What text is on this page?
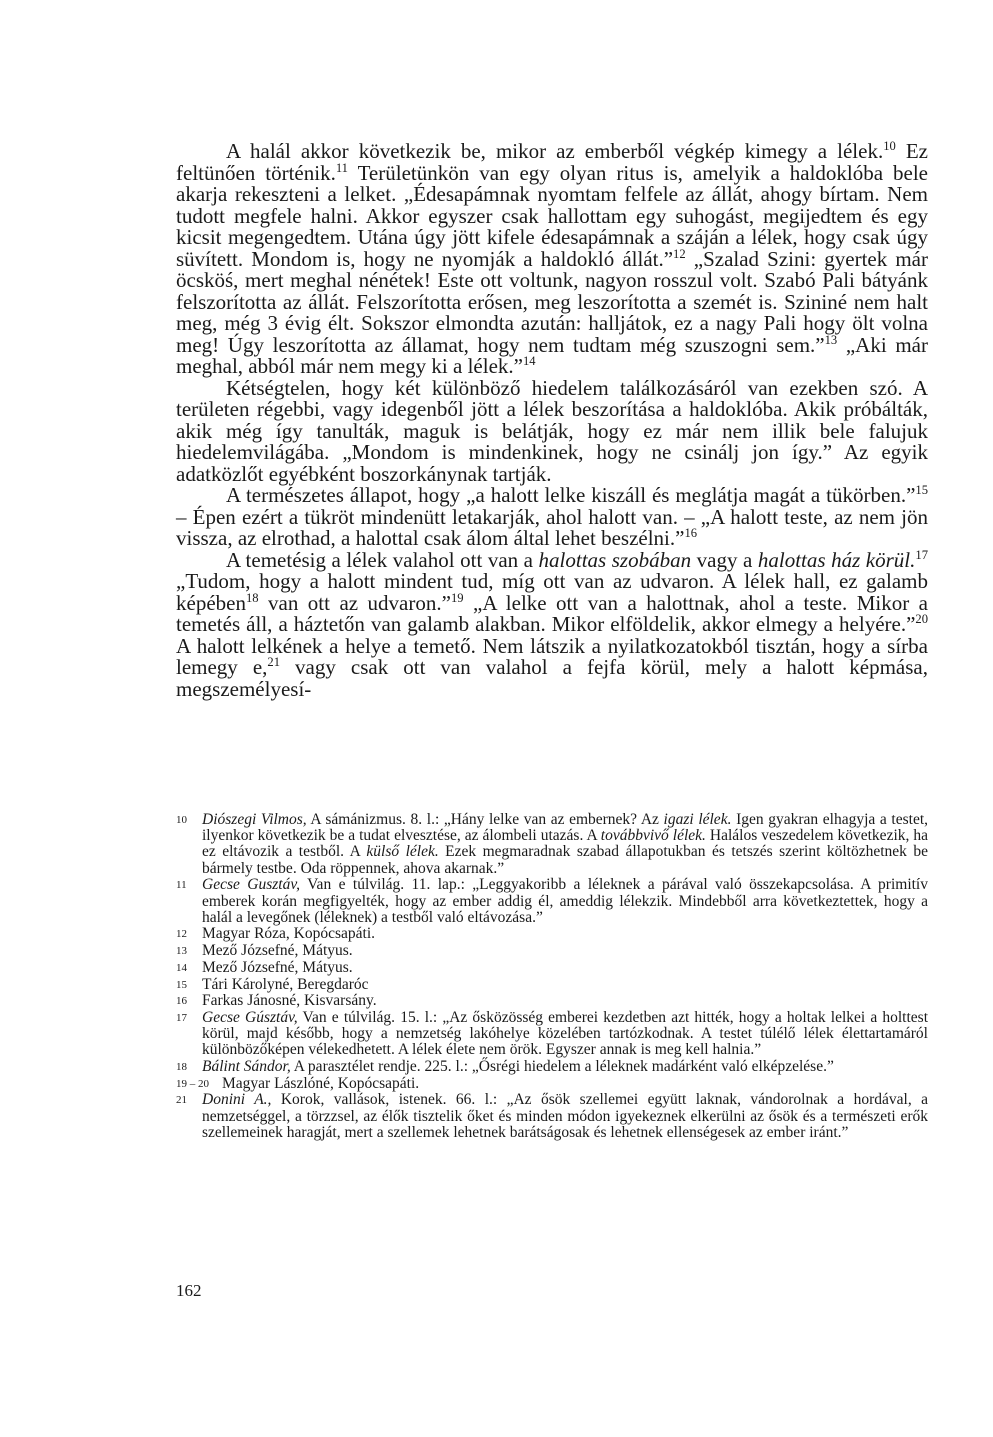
A halál akkor következik be, mikor az emberből végkép kimegy a lélek.$^{10}$ Ez feltünően történik.$^{11}$ Területünkön van egy olyan ritus is, amelyik a haldoklóba bele akarja rekeszteni a lelket. „Édesapámnak nyomtam felfele az állát, ahogy bírtam. Nem tudott megfele halni. Akkor egyszer csak hallottam egy suhogást, megijedtem és egy kicsit megengedtem. Utána úgy jött kifele édesapámnak a száján a lélek, hogy csak úgy süvített. Mondom is, hogy ne nyomják a haldokló állát.”$^{12}$ „Szalad Szini: gyertek már öcsköś, mert meghal nénétek! Este ott voltunk, nagyon rosszul volt. Szabó Pali bátyánk felszorította az állát. Felszorította erősen, meg leszorította a szemét is. Szininé nem halt meg, még 3 évig élt. Sokszor elmondta azután: halljátok, ez a nagy Pali hogy ölt volna meg! Úgy leszorította az államat, hogy nem tudtam még szuszogni sem.”$^{13}$ „Aki már meghal, abból már nem megy ki a lélek.”$^{14}$

Kétségtelen, hogy két különböző hiedelem találkozásáról van ezekben szó. A területen régebbi, vagy idegenből jött a lélek beszorítása a haldoklóba. Akik próbálták, akik még így tanulták, maguk is belátják, hogy ez már nem illik bele falujuk hiedelemvilágába. „Mondom is mindenkinek, hogy ne csinálj jon így.” Az egyik adatközlőt egyébként boszorkánynak tartják.

A természetes állapot, hogy „a halott lelke kiszáll és meglátja magát a tükörben.”$^{15}$ – Épen ezért a tükröt mindenütt letakarják, ahol halott van. – „A halott teste, az nem jön vissza, az elrothad, a halottal csak álom által lehet beszélni.”$^{16}$

A temetésig a lélek valahol ott van a halottas szobában vagy a halottas ház körül.$^{17}$ „Tudom, hogy a halott mindent tud, míg ott van az udvaron. A lélek hall, ez galamb képében$^{18}$ van ott az udvaron.”$^{19}$ „A lelke ott van a halottnak, ahol a teste. Mikor a temetés áll, a háztetőn van galamb alakban. Mikor elföldelik, akkor elmegy a helyére.”$^{20}$ A halott lelkének a helye a temető. Nem látszik a nyilatkozatokból tisztán, hogy a sírba lemegy e,$^{21}$ vagy csak ott van valahol a fejfa körül, mely a halott képmása, megszemélyesí-

10 Diószegi Vilmos, A sámánizmus. 8. l.: „Hány lelke van az embernek? Az igazi lélek. Igen gyakran elhagyja a testet, ilyenkor következik be a tudat elvesztése, az álombeli utazás. A továbbvivő lélek. Halálos veszedelem következik, ha ez eltávozik a testből. A külső lélek. Ezek megmaradnak szabad állapotukban és tetszés szerint költözhetnek be bármely testbe. Oda röppennek, ahova akarnak.”
11 Gecse Gusztáv, Van e túlvilág. 11. lap.: „Leggyakoribb a léleknek a párával való összekapcsolása. A primitív emberek korán megfigyelték, hogy az ember addig él, ameddig lélekzik. Mindebből arra következtettek, hogy a halál a levegőnek (léleknek) a testből való eltávozása.”
12 Magyar Róza, Kopócsapáti.
13 Mező Józsefné, Mátyus.
14 Mező Józsefné, Mátyus.
15 Tári Károlyné, Beregdaróc
16 Farkas Jánosné, Kisvarsány.
17 Gecse Gúsztáv, Van e túlvilág. 15. l.: „Az ősközösség emberei kezdetben azt hitték, hogy a holtak lelkei a holttest körül, majd később, hogy a nemzetség lakóhelye közelében tartózkodnak. A testet túlélő lélek élettartamáról különbözőképen vélekedhetett. A lélek élete nem örök. Egyszer annak is meg kell halnia.”
18 Bálint Sándor, A parasztélet rendje. 225. l.: „Ősrégi hiedelem a léleknek madárként való elképzelése.”
19 – 20 Magyar Lászlóné, Kopócsapáti.
21 Donini A., Korok, vallások, istenek. 66. l.: „Az ősök szellemei együtt laknak, vándorolnak a hordával, a nemzetséggel, a törzzsel, az élők tisztelik őket és minden módon igyekeznek elkerülni az ősök és a természeti erők szellemeinek haragját, mert a szellemek lehetnek barátságosak és lehetnek ellenségesek az ember iránt.”
162
